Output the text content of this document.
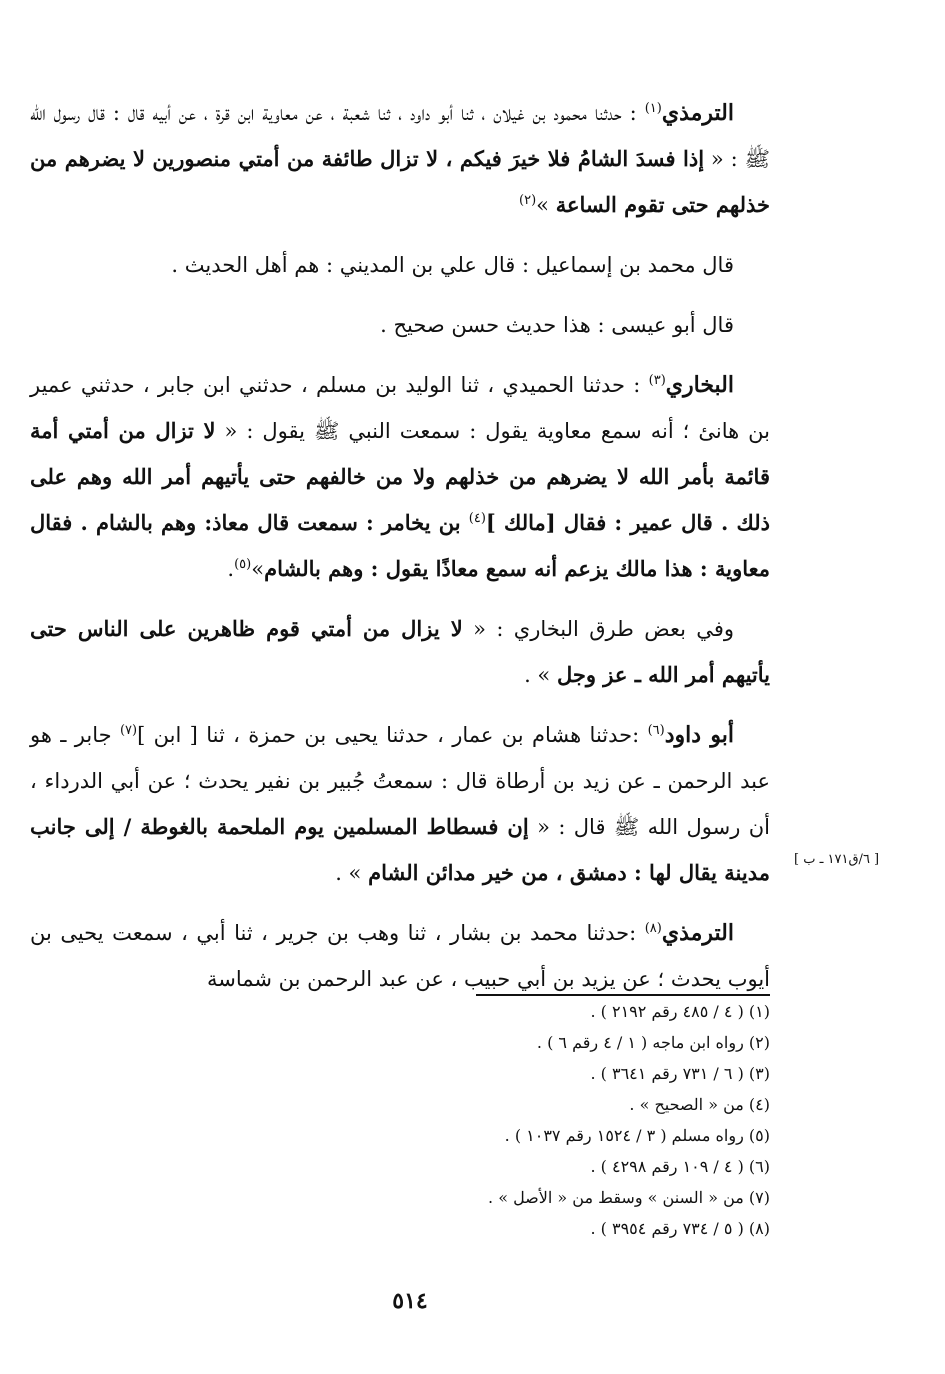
الترمذي$^{(١)}$ : حدثنا محمود بن غيلان ، ثنا أبو داود ، ثنا شعبة ، عن معاوية ابن قرة ، عن أبيه قال : قال رسول الله ﷺ : « إذا فسدَ الشامُ فلا خيرَ فيكم ، لا تزال طائفة من أمتي منصورين لا يضرهم من خذلهم حتى تقوم الساعة »$^{(٢)}$

قال محمد بن إسماعيل : قال علي بن المديني : هم أهل الحديث .

قال أبو عيسى : هذا حديث حسن صحيح .

البخاري$^{(٣)}$ : حدثنا الحميدي ، ثنا الوليد بن مسلم ، حدثني ابن جابر ، حدثني عمير بن هانئ ؛ أنه سمع معاوية يقول : سمعت النبي ﷺ يقول : « لا تزال من أمتي أمة قائمة بأمر الله لا يضرهم من خذلهم ولا من خالفهم حتى يأتيهم أمر الله وهم على ذلك . قال عمير : فقال [مالك ]$^{(٤)}$ بن يخامر : سمعت قال معاذ: وهم بالشام . فقال معاوية : هذا مالك يزعم أنه سمع معاذًا يقول : وهم بالشام»$^{(٥)}$.

وفي بعض طرق البخاري : « لا يزال من أمتي قوم ظاهرين على الناس حتى يأتيهم أمر الله ـ عز وجل » .

أبو داود$^{(٦)}$ :حدثنا هشام بن عمار ، حدثنا يحيى بن حمزة ، ثنا [ ابن ]$^{(٧)}$ جابر ـ هو عبد الرحمن ـ عن زيد بن أرطاة قال : سمعتُ جُبير بن نفير يحدث ؛ عن أبي الدرداء ، أن رسول الله ﷺ قال : « إن فسطاط المسلمين يوم الملحمة بالغوطة / إلى جانب مدينة يقال لها : دمشق ، من خير مدائن الشام » .

الترمذي$^{(٨)}$ :حدثنا محمد بن بشار ، ثنا وهب بن جرير ، ثنا أبي ، سمعت يحيى بن أيوب يحدث ؛ عن يزيد بن أبي حبيب ، عن عبد الرحمن بن شماسة

[ ٦/ق١٧١ ـ ب ]
(١) ( ٤ / ٤٨٥ رقم ٢١٩٢ ) .
(٢) رواه ابن ماجه ( ١ / ٤ رقم ٦ ) .
(٣) ( ٦ / ٧٣١ رقم ٣٦٤١ ) .
(٤) من « الصحيح » .
(٥) رواه مسلم ( ٣ / ١٥٢٤ رقم ١٠٣٧ ) .
(٦) ( ٤ / ١٠٩ رقم ٤٢٩٨ ) .
(٧) من « السنن » وسقط من « الأصل » .
(٨) ( ٥ / ٧٣٤ رقم ٣٩٥٤ ) .
٥١٤
